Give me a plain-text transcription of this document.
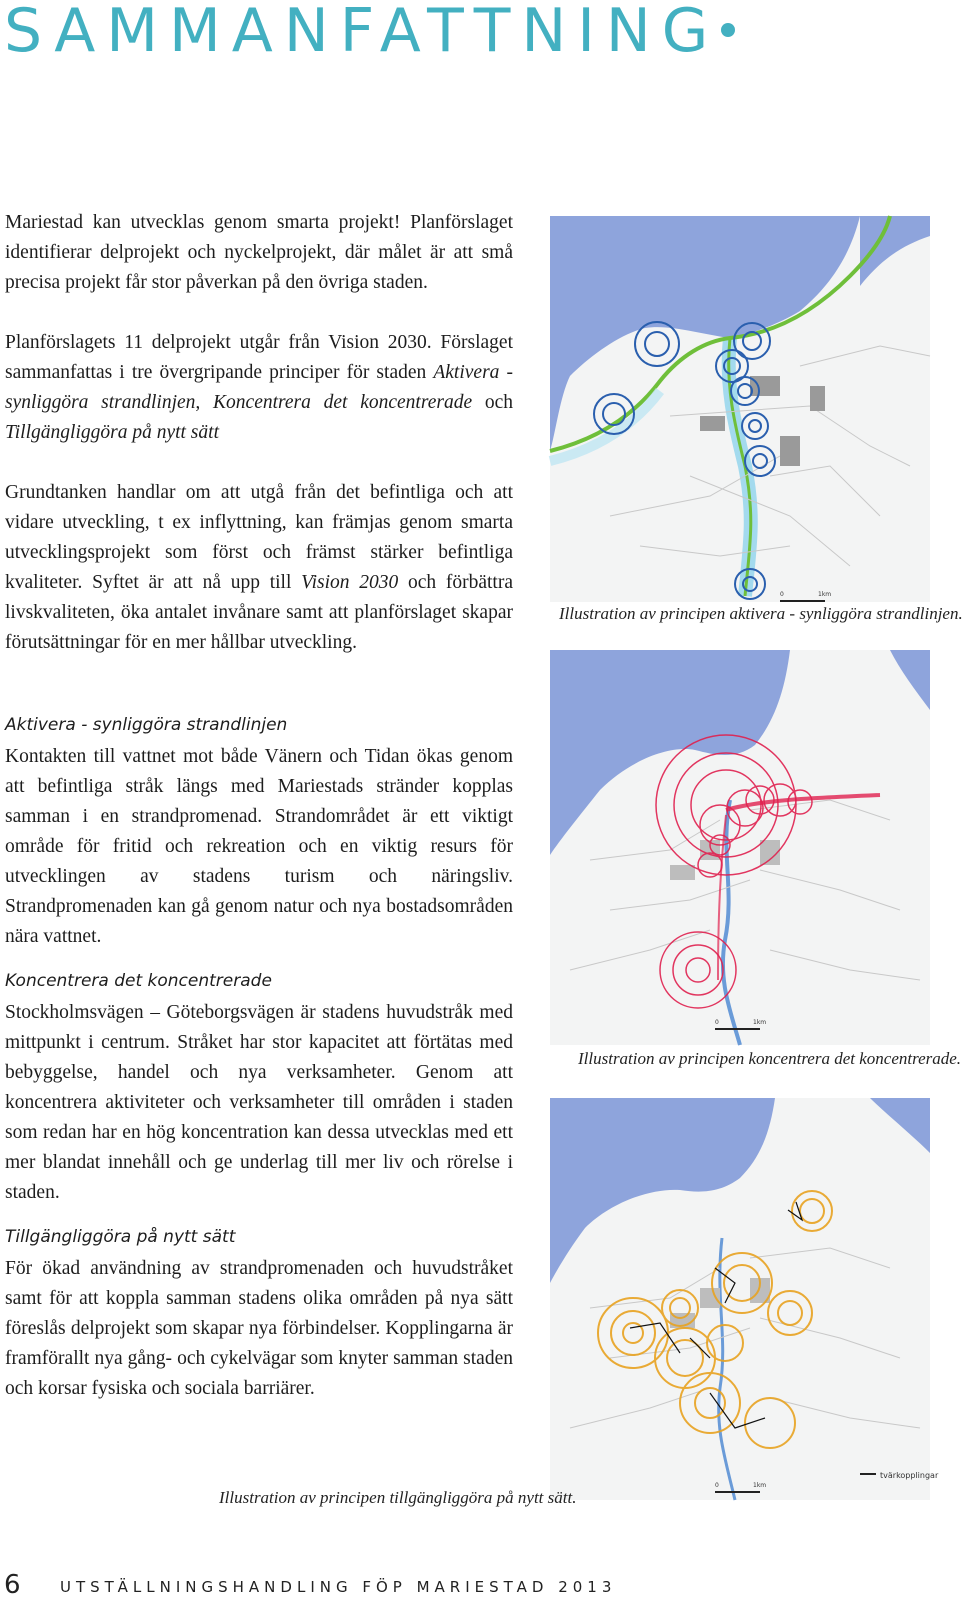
SAMMANFATTNING

Mariestad kan utvecklas genom smarta projekt! Planförslaget identifierar delprojekt och nyckelprojekt, där målet är att små precisa projekt får stor påverkan på den övriga staden.

Planförslagets 11 delprojekt utgår från Vision 2030. Förslaget sammanfattas i tre övergripande principer för staden Aktivera - synliggöra strandlinjen, Koncentrera det koncentrerade och Tillgängliggöra på nytt sätt

Grundtanken handlar om att utgå från det befintliga och att vidare utveckling, t ex inflyttning, kan främjas genom smarta utvecklingsprojekt som först och främst stärker befintliga kvaliteter. Syftet är att nå upp till Vision 2030 och förbättra livskvaliteten, öka antalet invånare samt att planförslaget skapar förutsättningar för en mer hållbar utveckling.

Aktivera - synliggöra strandlinjen

Kontakten till vattnet mot både Vänern och Tidan ökas genom att befintliga stråk längs med Mariestads stränder kopplas samman i en strandpromenad. Strandområdet är ett viktigt område för fritid och rekreation och en viktig resurs för utvecklingen av stadens turism och näringsliv. Strandpromenaden kan gå genom natur och nya bostadsområden nära vattnet.

Koncentrera det koncentrerade

Stockholmsvägen – Göteborgsvägen är stadens huvudstråk med mittpunkt i centrum. Stråket har stor kapacitet att förtätas med bebyggelse, handel och nya verksamheter. Genom att koncentrera aktiviteter och verksamheter till områden i staden som redan har en hög koncentration kan dessa utvecklas med ett mer blandat innehåll och ge underlag till mer liv och rörelse i staden.

Tillgängliggöra på nytt sätt

För ökad användning av strandpromenaden och huvudstråket samt för att koppla samman stadens olika områden på nya sätt föreslås delprojekt som skapar nya förbindelser. Kopplingarna är framförallt nya gång- och cykelvägar som knyter samman staden och korsar fysiska och sociala barriärer.

0	1km
Illustration av principen aktivera - synliggöra strandlinjen.
0	1km
Illustration av principen koncentrera det koncentrerade.
0	1km
tvärkopplingar
Illustration av principen tillgängliggöra på nytt sätt.
6	UTSTÄLLNINGSHANDLING FÖP MARIESTAD 2013
